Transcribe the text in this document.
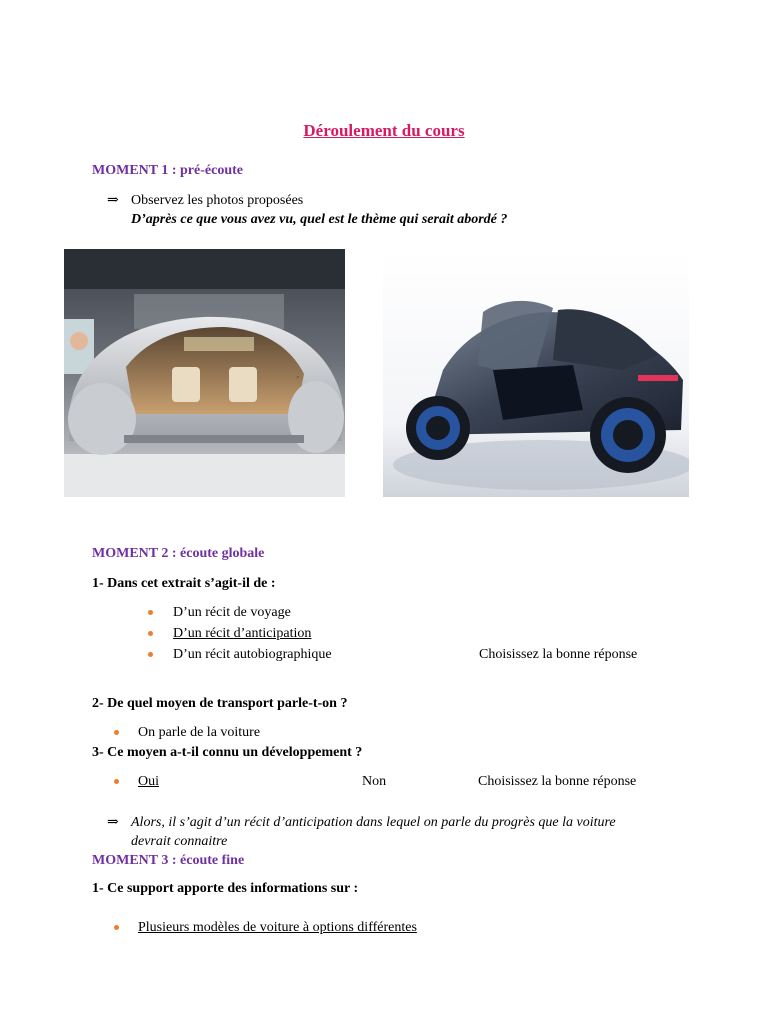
Déroulement du cours
MOMENT 1 : pré-écoute
⇒ Observez les photos proposées
D’après ce que vous avez vu, quel est le thème qui serait abordé ?
»
MOMENT 2 : écoute globale
1- Dans cet extrait s’agit-il de :
D’un récit de voyage
D’un récit d’anticipation
D’un récit autobiographique	Choisissez la bonne réponse
2- De quel moyen de transport parle-t-on ?
On parle de la voiture
3- Ce moyen a-t-il connu un développement ?
Oui	Non	Choisissez la bonne réponse
⇒ Alors, il s’agit d’un récit d’anticipation dans lequel on parle du progrès que la voiture
devrait connaitre
MOMENT 3 : écoute fine
1- Ce support apporte des informations sur :
Plusieurs modèles de voiture à options différentes
